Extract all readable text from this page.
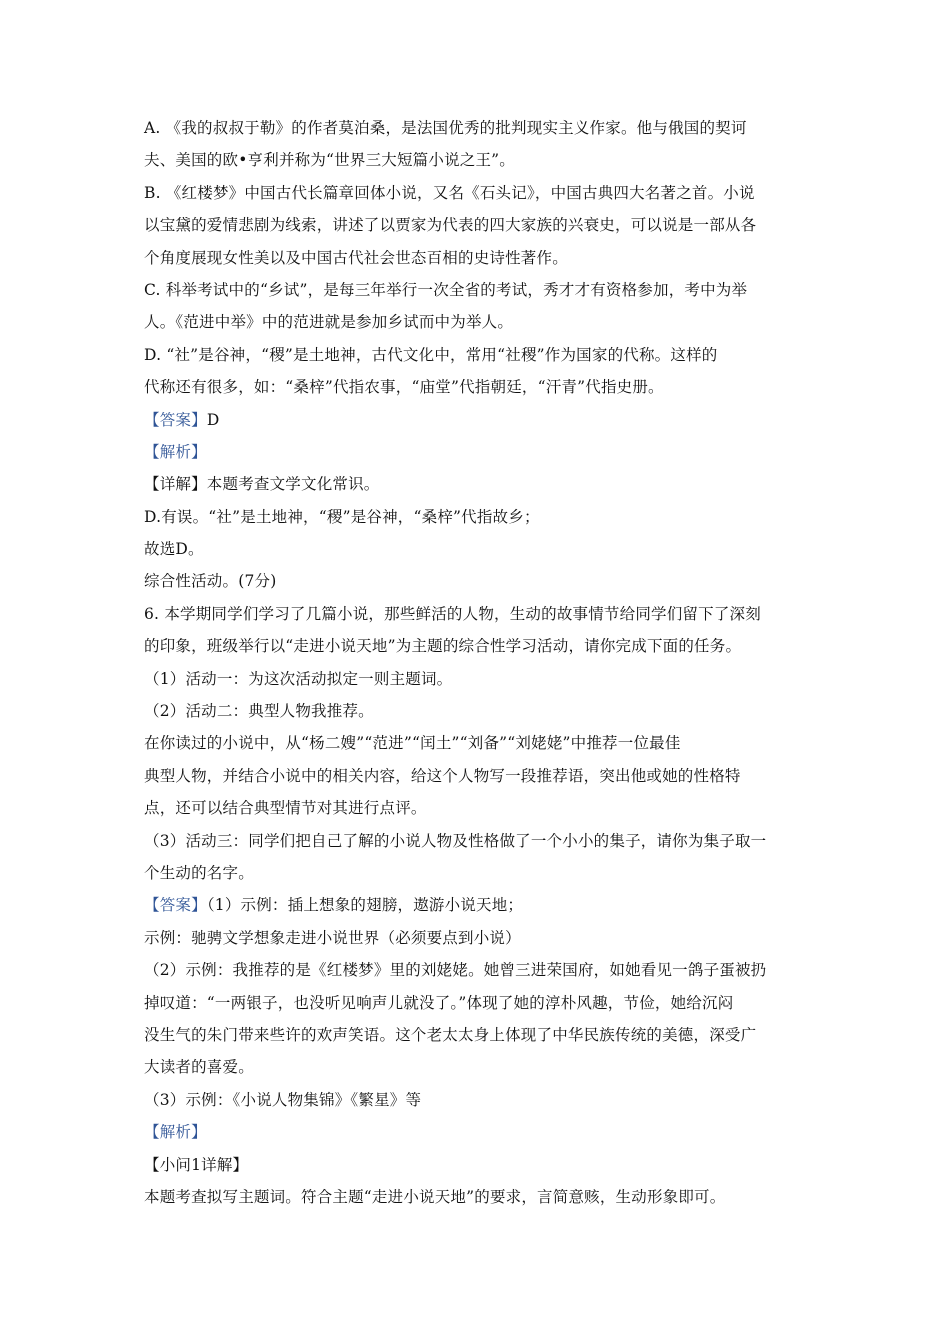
A. 《我的叔叔于勒》的作者莫泊桑，是法国优秀的批判现实主义作家。他与俄国的契诃
夫、美国的欧•亨利并称为“世界三大短篇小说之王”。
B. 《红楼梦》中国古代长篇章回体小说，又名《石头记》，中国古典四大名著之首。小说
以宝黛的爱情悲剧为线索，讲述了以贾家为代表的四大家族的兴衰史，可以说是一部从各
个角度展现女性美以及中国古代社会世态百相的史诗性著作。
C. 科举考试中的“乡试”，是每三年举行一次全省的考试，秀才才有资格参加，考中为举
人。《范进中举》中的范进就是参加乡试而中为举人。
D. “社”是谷神，“稷”是土地神，古代文化中，常用“社稷”作为国家的代称。这样的
代称还有很多，如：“桑梓”代指农事，“庙堂”代指朝廷，“汗青”代指史册。
【答案】D
【解析】
【详解】本题考查文学文化常识。
D.有误。“社”是土地神，“稷”是谷神，“桑梓”代指故乡；
故选D。
综合性活动。(7分)
6. 本学期同学们学习了几篇小说，那些鲜活的人物，生动的故事情节给同学们留下了深刻
的印象，班级举行以“走进小说天地”为主题的综合性学习活动，请你完成下面的任务。
（1）活动一：为这次活动拟定一则主题词。
（2）活动二：典型人物我推荐。
在你读过的小说中，从“杨二嫂”“范进”“闰土”“刘备”“刘姥姥”中推荐一位最佳
典型人物，并结合小说中的相关内容，给这个人物写一段推荐语，突出他或她的性格特
点，还可以结合典型情节对其进行点评。
（3）活动三：同学们把自己了解的小说人物及性格做了一个小小的集子，请你为集子取一
个生动的名字。
【答案】（1）示例：插上想象的翅膀，遨游小说天地；
示例：驰骋文学想象走进小说世界（必须要点到小说）
（2）示例：我推荐的是《红楼梦》里的刘姥姥。她曾三进荣国府，如她看见一鸽子蛋被扔
掉叹道：“一两银子，也没听见响声儿就没了。”体现了她的淳朴风趣，节俭，她给沉闷
没生气的朱门带来些许的欢声笑语。这个老太太身上体现了中华民族传统的美德，深受广
大读者的喜爱。
（3）示例：《小说人物集锦》《繁星》等
【解析】
【小问1详解】
本题考查拟写主题词。符合主题“走进小说天地”的要求，言简意赅，生动形象即可。
